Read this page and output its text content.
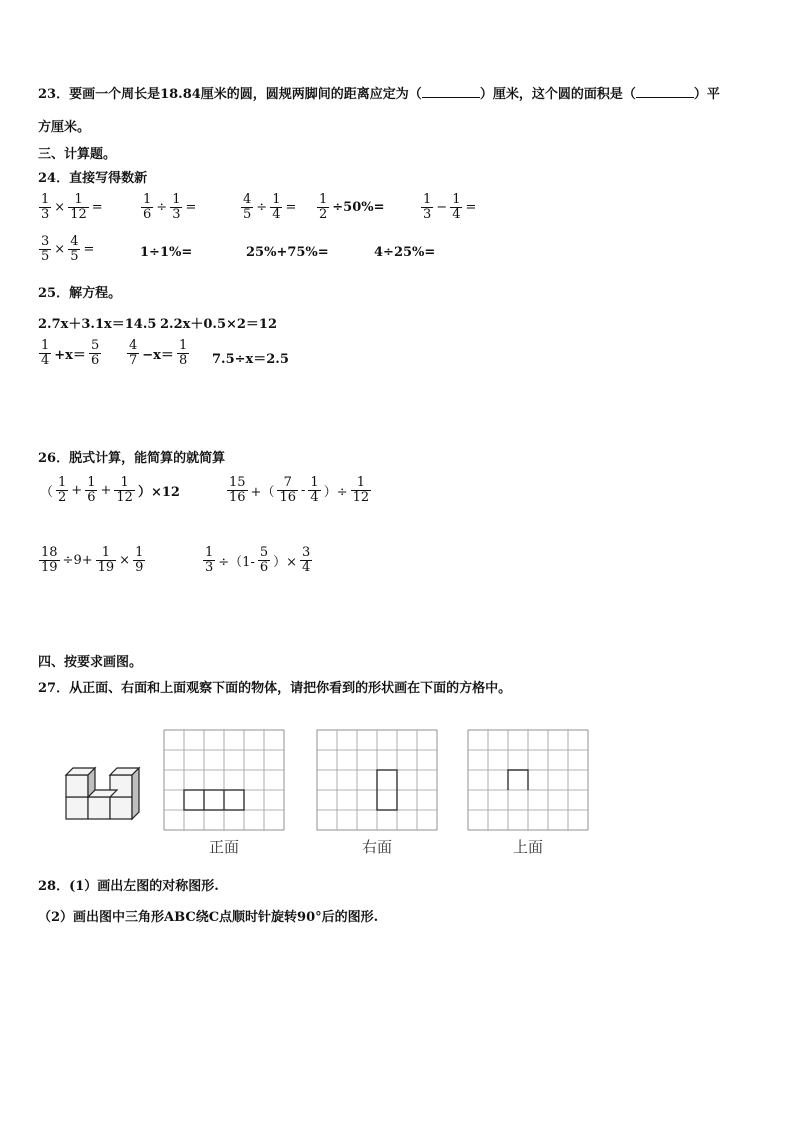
23．要画一个周长是18.84厘米的圆，圆规两脚间的距离应定为（	）厘米，这个圆的面积是（	）平
方厘米。
三、计算题。
24．直接写得数新
$\frac{1}{3} \times \frac{1}{12}$ =	$\frac{1}{6} \div \frac{1}{3}$ =	$\frac{4}{5} \div \frac{1}{4} = \frac{1}{2} \div 50\%=$	$\frac{1}{3} - \frac{1}{4}$ =
$\frac{3}{5} \times \frac{4}{5}$ =	1÷1%=	25%+75%=	4÷25%=
25．解方程。
2.7x＋3.1x＝14.5 2.2x＋0.5×2＝12
$\frac{1}{4} +x= \frac{5}{6} \frac{4}{7} -x= \frac{1}{8} 7.5\div x=2.5$
26．脱式计算，能简算的就简算
（ $\frac{1}{2} + \frac{1}{6} + \frac{1}{12} )\times 12$	$\frac{15}{16}$ +（ $\frac{7}{16} - \frac{1}{4}$ ）÷ $\frac{1}{12}$
$\frac{18}{19} \div 9+ \frac{1}{19} \times \frac{1}{9}$	$\frac{1}{3} \div(1- \frac{5}{6}$ ）× $\frac{3}{4}$
四、按要求画图。
27．从正面、右面和上面观察下面的物体，请把你看到的形状画在下面的方格中。
正面	右面	上面
28．(1）画出左图的对称图形.
（2）画出图中三角形ABC绕C点顺时针旋转90°后的图形.
